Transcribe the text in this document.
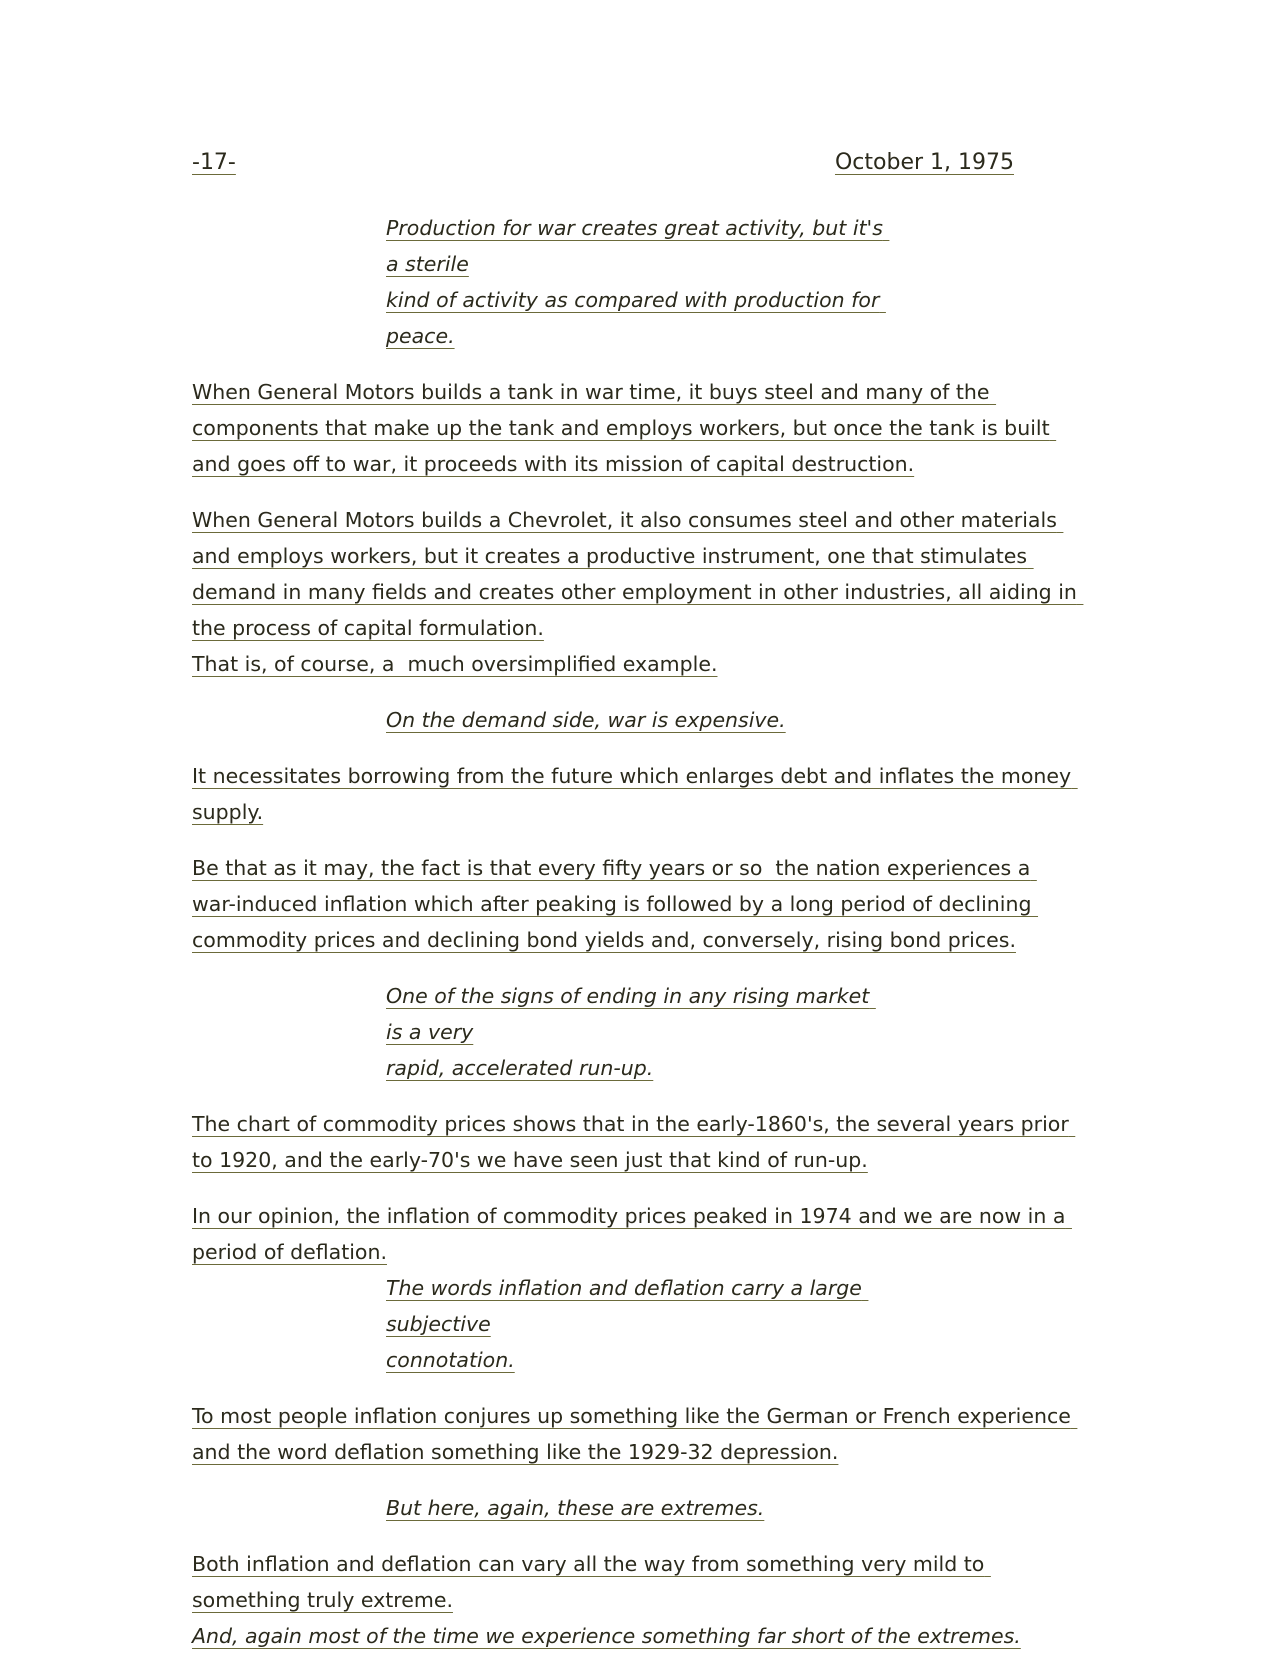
-17-	October 1, 1975
Production for war creates great activity, but it's a sterile
kind of activity as compared with production for peace.
When General Motors builds a tank in war time, it buys steel and many of the components that make up the tank and employs workers, but once the tank is built and goes off to war, it proceeds with its mission of capital destruction.
When General Motors builds a Chevrolet, it also consumes steel and other materials and employs workers, but it creates a productive instrument, one that stimulates demand in many fields and creates other employment in other industries, all aiding in the process of capital formulation.
That is, of course, a  much oversimplified example.
On the demand side, war is expensive.
It necessitates borrowing from the future which enlarges debt and inflates the money supply.
Be that as it may, the fact is that every fifty years or so  the nation experiences a war-induced inflation which after peaking is followed by a long period of declining commodity prices and declining bond yields and, conversely, rising bond prices.
One of the signs of ending in any rising market is a very
rapid, accelerated run-up.
The chart of commodity prices shows that in the early-1860's, the several years prior to 1920, and the early-70's we have seen just that kind of run-up.
In our opinion, the inflation of commodity prices peaked in 1974 and we are now in a period of deflation.
The words inflation and deflation carry a large subjective
connotation.
To most people inflation conjures up something like the German or French experience and the word deflation something like the 1929-32 depression.
But here, again, these are extremes.
Both inflation and deflation can vary all the way from something very mild to something truly extreme.
And, again most of the time we experience something far short of the extremes.
